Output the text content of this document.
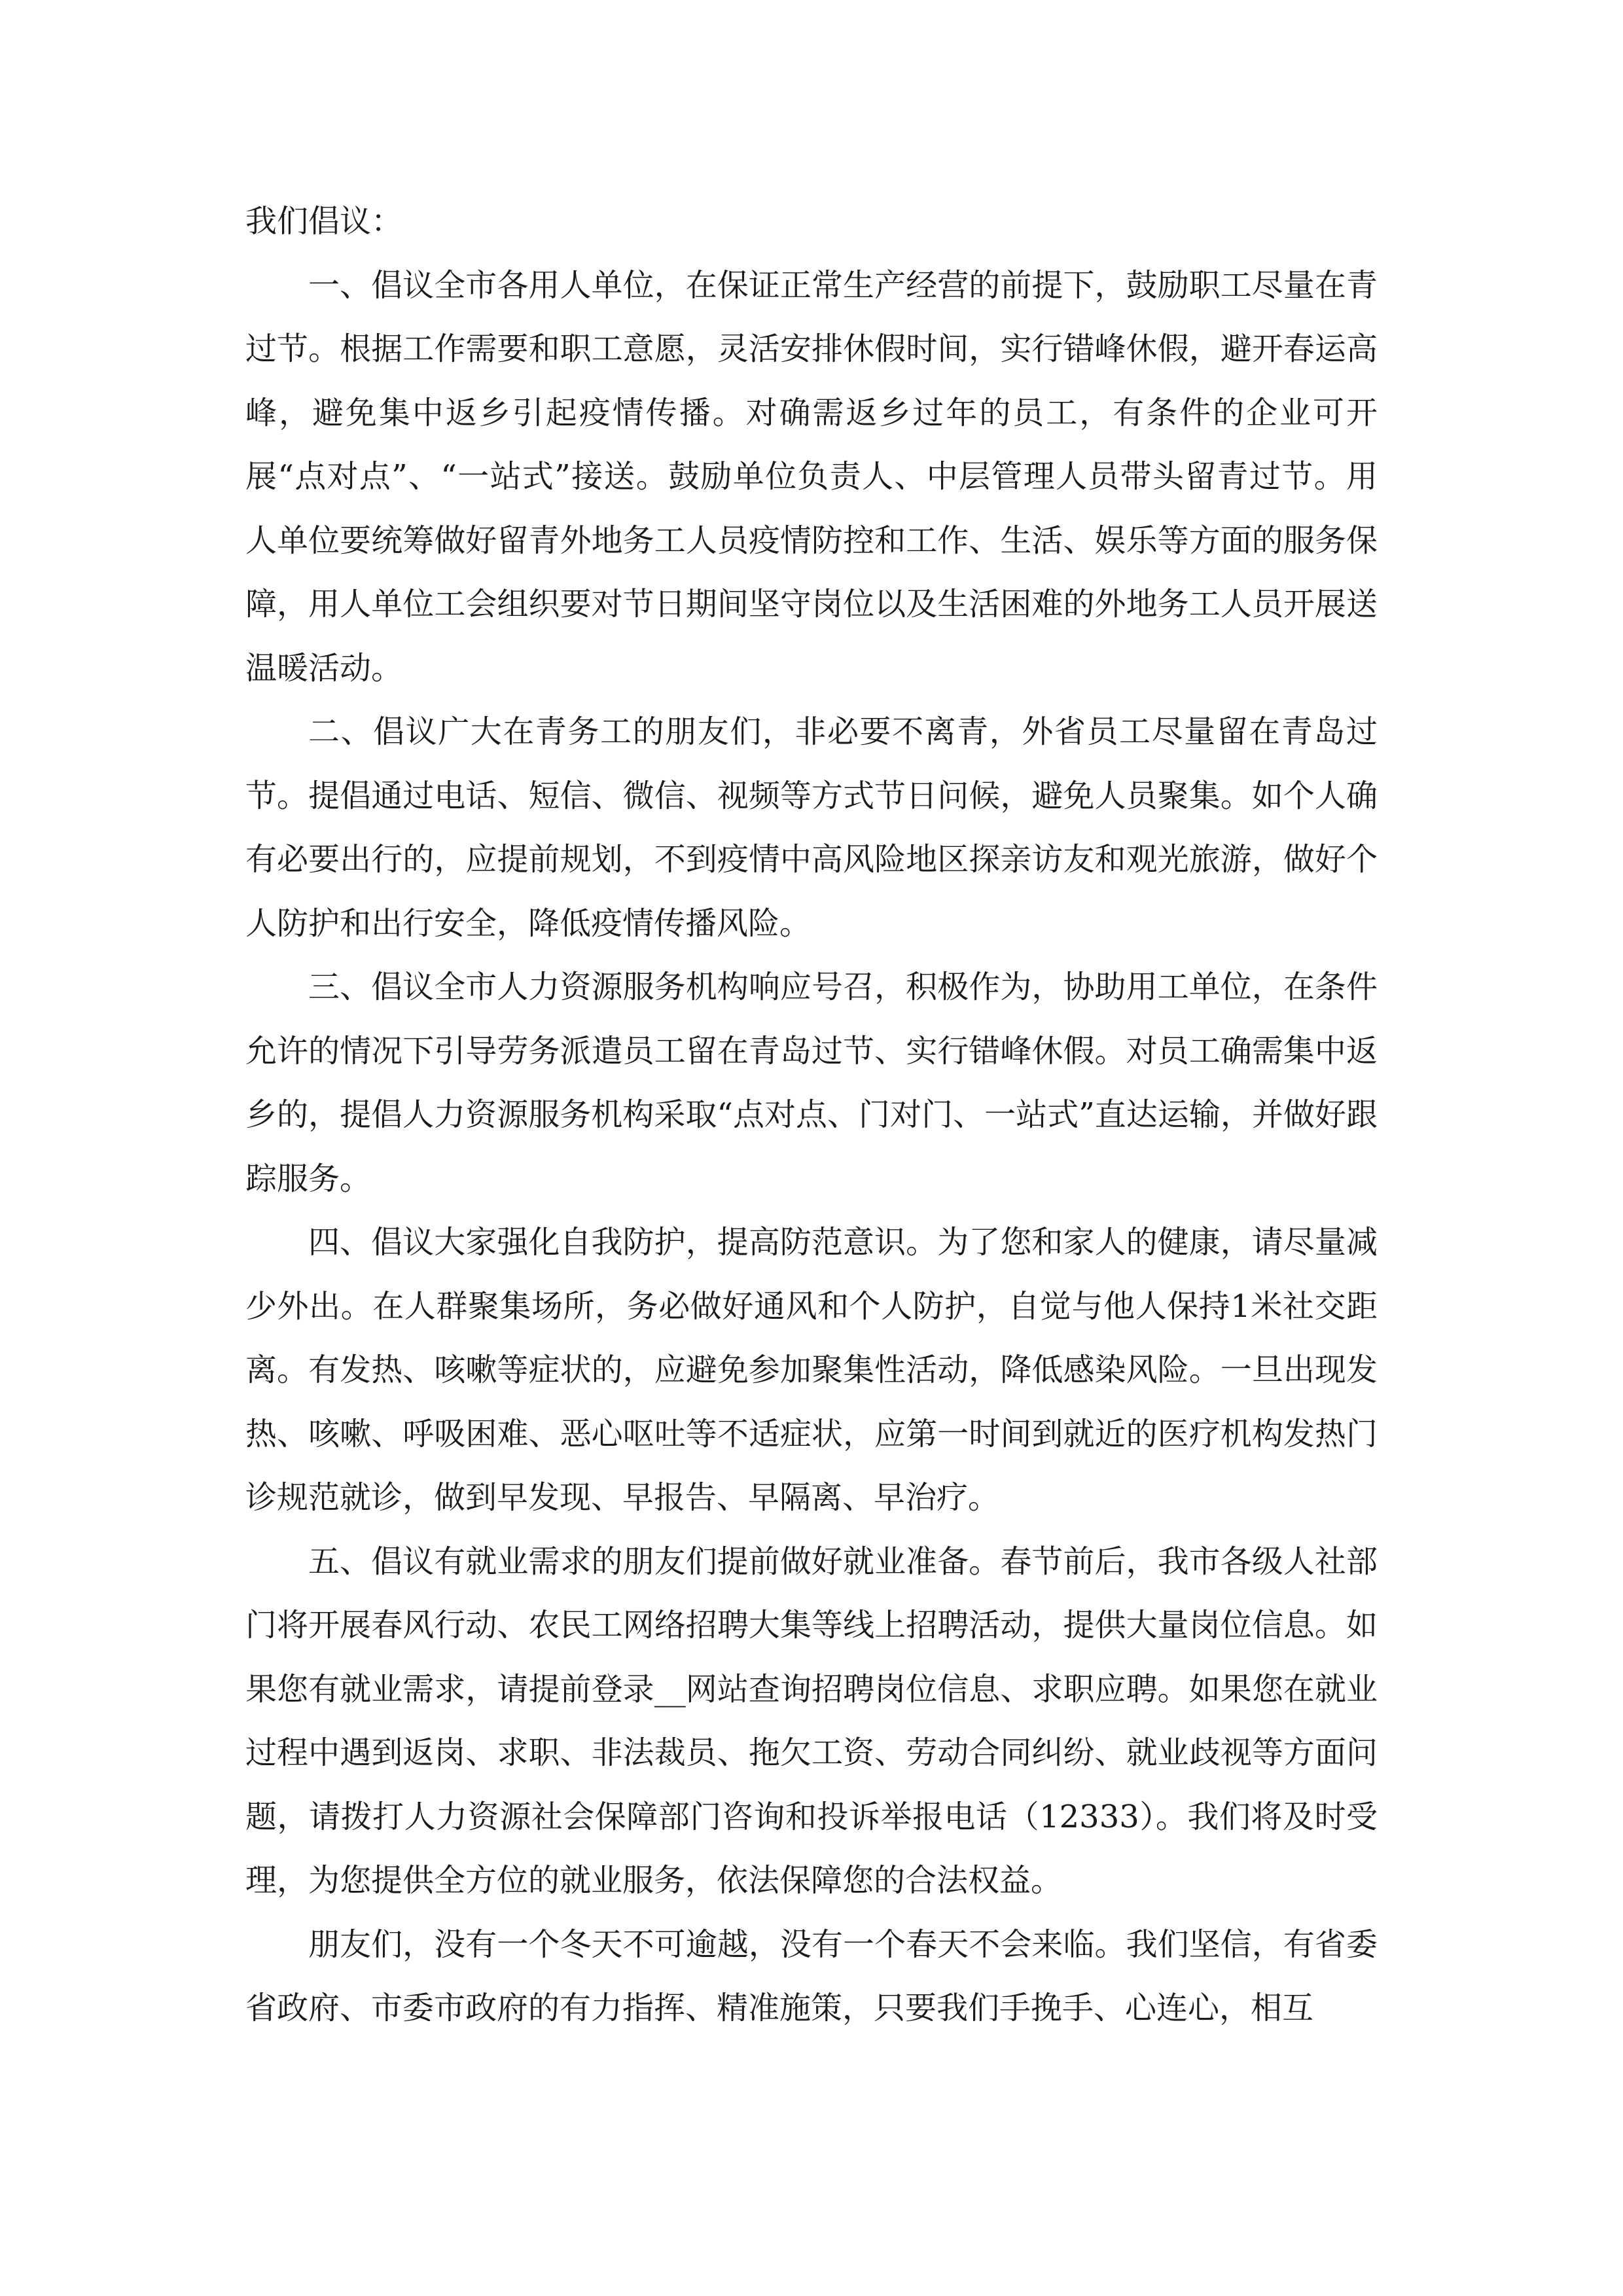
我们倡议：

一、倡议全市各用人单位，在保证正常生产经营的前提下，鼓励职工尽量在青过节。根据工作需要和职工意愿，灵活安排休假时间，实行错峰休假，避开春运高峰，避免集中返乡引起疫情传播。对确需返乡过年的员工，有条件的企业可开展“点对点”、“一站式”接送。鼓励单位负责人、中层管理人员带头留青过节。用人单位要统筹做好留青外地务工人员疫情防控和工作、生活、娱乐等方面的服务保障，用人单位工会组织要对节日期间坚守岗位以及生活困难的外地务工人员开展送温暖活动。

二、倡议广大在青务工的朋友们，非必要不离青，外省员工尽量留在青岛过节。提倡通过电话、短信、微信、视频等方式节日问候，避免人员聚集。如个人确有必要出行的，应提前规划，不到疫情中高风险地区探亲访友和观光旅游，做好个人防护和出行安全，降低疫情传播风险。

三、倡议全市人力资源服务机构响应号召，积极作为，协助用工单位，在条件允许的情况下引导劳务派遣员工留在青岛过节、实行错峰休假。对员工确需集中返乡的，提倡人力资源服务机构采取“点对点、门对门、一站式”直达运输，并做好跟踪服务。

四、倡议大家强化自我防护，提高防范意识。为了您和家人的健康，请尽量减少外出。在人群聚集场所，务必做好通风和个人防护，自觉与他人保持1米社交距离。有发热、咳嗽等症状的，应避免参加聚集性活动，降低感染风险。一旦出现发热、咳嗽、呼吸困难、恶心呕吐等不适症状，应第一时间到就近的医疗机构发热门诊规范就诊，做到早发现、早报告、早隔离、早治疗。

五、倡议有就业需求的朋友们提前做好就业准备。春节前后，我市各级人社部门将开展春风行动、农民工网络招聘大集等线上招聘活动，提供大量岗位信息。如果您有就业需求，请提前登录__网站查询招聘岗位信息、求职应聘。如果您在就业过程中遇到返岗、求职、非法裁员、拖欠工资、劳动合同纠纷、就业歧视等方面问题，请拨打人力资源社会保障部门咨询和投诉举报电话（12333）。我们将及时受理，为您提供全方位的就业服务，依法保障您的合法权益。

朋友们，没有一个冬天不可逾越，没有一个春天不会来临。我们坚信，有省委省政府、市委市政府的有力指挥、精准施策，只要我们手挽手、心连心，相互
